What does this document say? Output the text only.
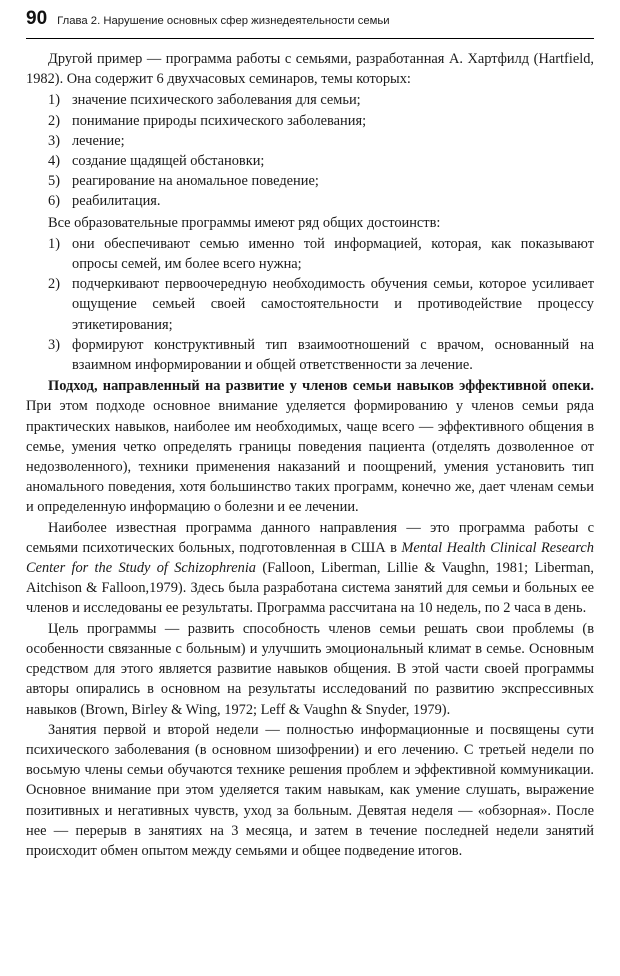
90 Глава 2. Нарушение основных сфер жизнедеятельности семьи

Другой пример — программа работы с семьями, разработанная А. Хартфилд (Hartfield, 1982). Она содержит 6 двухчасовых семинаров, темы которых:

1) значение психического заболевания для семьи;
2) понимание природы психического заболевания;
3) лечение;
4) создание щадящей обстановки;
5) реагирование на аномальное поведение;
6) реабилитация.

Все образовательные программы имеют ряд общих достоинств:

1) они обеспечивают семью именно той информацией, которая, как показывают опросы семей, им более всего нужна;
2) подчеркивают первоочередную необходимость обучения семьи, которое усиливает ощущение семьей своей самостоятельности и противодействие процессу этикетирования;
3) формируют конструктивный тип взаимоотношений с врачом, основанный на взаимном информировании и общей ответственности за лечение.

Подход, направленный на развитие у членов семьи навыков эффективной опеки. При этом подходе основное внимание уделяется формированию у членов семьи ряда практических навыков, наиболее им необходимых, чаще всего — эффективного общения в семье, умения четко определять границы поведения пациента (отделять дозволенное от недозволенного), техники применения наказаний и поощрений, умения установить тип аномального поведения, хотя большинство таких программ, конечно же, дает членам семьи и определенную информацию о болезни и ее лечении.

Наиболее известная программа данного направления — это программа работы с семьями психотических больных, подготовленная в США в Mental Health Clinical Research Center for the Study of Schizophrenia (Falloon, Liberman, Lillie & Vaughn, 1981; Liberman, Aitchison & Falloon,1979). Здесь была разработана система занятий для семьи и больных ее членов и исследованы ее результаты. Программа рассчитана на 10 недель, по 2 часа в день.

Цель программы — развить способность членов семьи решать свои проблемы (в особенности связанные с больным) и улучшить эмоциональный климат в семье. Основным средством для этого является развитие навыков общения. В этой части своей программы авторы опирались в основном на результаты исследований по развитию экспрессивных навыков (Brown, Birley & Wing, 1972; Leff & Vaughn & Snyder, 1979).

Занятия первой и второй недели — полностью информационные и посвящены сути психического заболевания (в основном шизофрении) и его лечению. С третьей недели по восьмую члены семьи обучаются технике решения проблем и эффективной коммуникации. Основное внимание при этом уделяется таким навыкам, как умение слушать, выражение позитивных и негативных чувств, уход за больным. Девятая неделя — «обзорная». После нее — перерыв в занятиях на 3 месяца, и затем в течение последней недели занятий происходит обмен опытом между семьями и общее подведение итогов.
